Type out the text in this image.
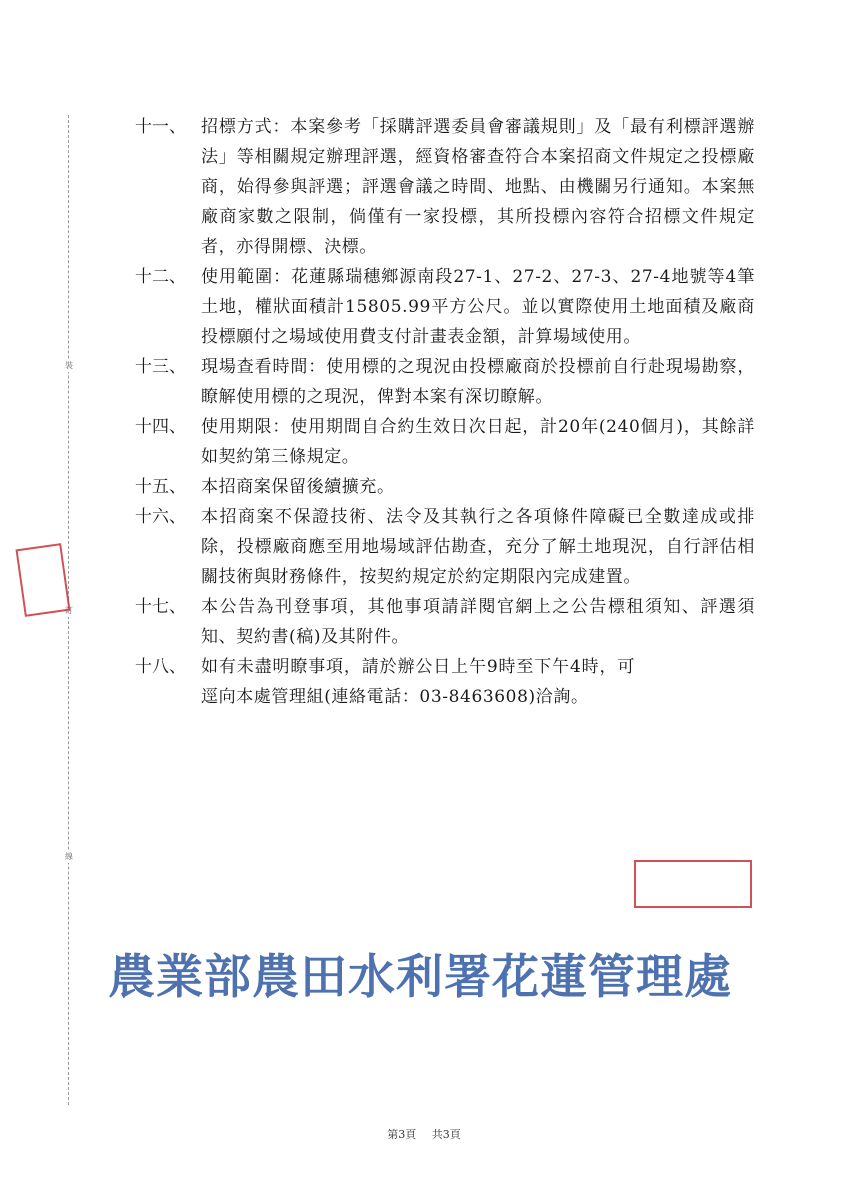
裝
訂
線
十一、 招標方式：本案參考「採購評選委員會審議規則」及「最有利標評選辦法」等相關規定辦理評選，經資格審查符合本案招商文件規定之投標廠商，始得參與評選；評選會議之時間、地點、由機關另行通知。本案無廠商家數之限制，倘僅有一家投標，其所投標內容符合招標文件規定者，亦得開標、決標。

十二、 使用範圍：花蓮縣瑞穗鄉源南段27-1、27-2、27-3、27-4地號等4筆土地，權狀面積計15805.99平方公尺。並以實際使用土地面積及廠商投標願付之場域使用費支付計畫表金額，計算場域使用。

十三、 現場查看時間：使用標的之現況由投標廠商於投標前自行赴現場勘察，瞭解使用標的之現況，俾對本案有深切瞭解。

十四、 使用期限：使用期間自合約生效日次日起，計20年(240個月)，其餘詳如契約第三條規定。

十五、 本招商案保留後續擴充。

十六、 本招商案不保證技術、法令及其執行之各項條件障礙已全數達成或排除，投標廠商應至用地場域評估勘查，充分了解土地現況，自行評估相關技術與財務條件，按契約規定於約定期限內完成建置。

十七、 本公告為刊登事項，其他事項請詳閱官網上之公告標租須知、評選須知、契約書(稿)及其附件。

十八、 如有未盡明瞭事項，請於辦公日上午9時至下午4時，可逕向本處管理組(連絡電話：03-8463608)洽詢。

農業部農田水利署花蓮管理處
第3頁 共3頁
